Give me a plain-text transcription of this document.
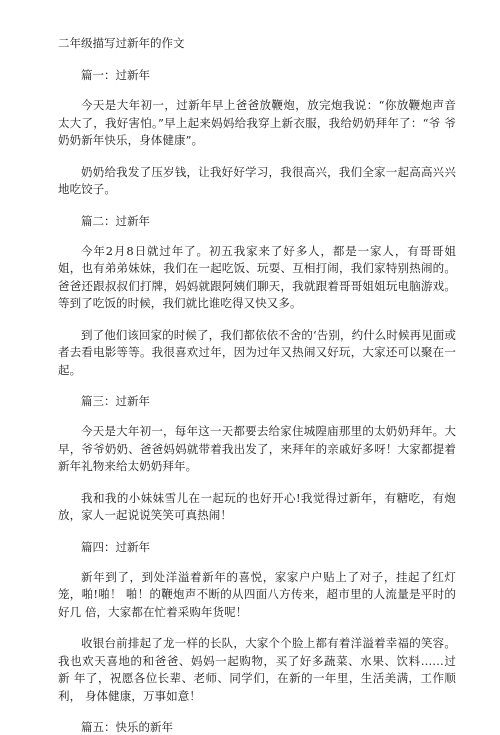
二年级描写过新年的作文
篇一：过新年

今天是大年初一，过新年早上爸爸放鞭炮，放完炮我说：“你放鞭炮声音 太大了，我好害怕。”早上起来妈妈给我穿上新衣服，我给奶奶拜年了：“爷 爷奶奶新年快乐，身体健康”。

奶奶给我发了压岁钱，让我好好学习，我很高兴，我们全家一起高高兴兴 地吃饺子。

篇二：过新年

今年2月8日就过年了。初五我家来了好多人，都是一家人，有哥哥姐 姐，也有弟弟妹妹，我们在一起吃饭、玩耍、互相打闹，我们家特别热闹的。 爸爸还跟叔叔们打牌，妈妈就跟阿姨们聊天，我就跟着哥哥姐姐玩电脑游戏。 等到了吃饭的时候，我们就比谁吃得又快又多。

到了他们该回家的时候了，我们都依依不舍的‘告别，约什么时候再见面或者去看电影等等。我很喜欢过年，因为过年又热闹又好玩，大家还可以聚在一 起。

篇三：过新年

今天是大年初一，每年这一天都要去给家住城隍庙那里的太奶奶拜年。大 早，爷爷奶奶、爸爸妈妈就带着我出发了，来拜年的亲戚好多呀！大家都提着 新年礼物来给太奶奶拜年。

我和我的小妹妹雪儿在一起玩的也好开心!我觉得过新年，有糖吃，有炮 放，家人一起说说笑笑可真热闹！

篇四：过新年

新年到了，到处洋溢着新年的喜悦，家家户户贴上了对子，挂起了红灯 笼，啪!啪！ 啪！的鞭炮声不断的从四面八方传来，超市里的人流量是平时的好几 倍，大家都在忙着采购年货呢！

收银台前排起了龙一样的长队，大家个个脸上都有着洋溢着幸福的笑容。 我也欢天喜地的和爸爸、妈妈一起购物，买了好多蔬菜、水果、饮料……过 新 年了，祝愿各位长辈、老师、同学们，在新的一年里，生活美满，工作顺利， 身体健康，万事如意！

篇五：快乐的新年
